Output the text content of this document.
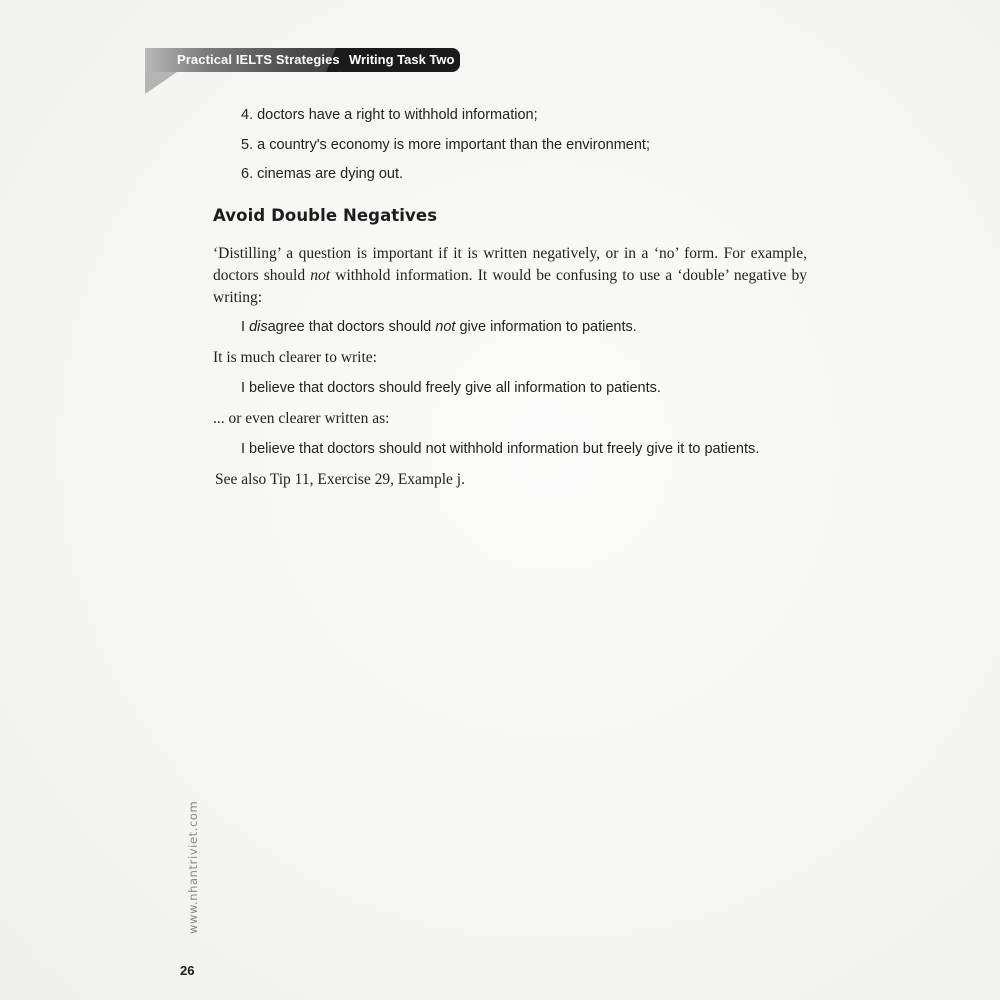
Practical IELTS Strategies Writing Task Two
4. doctors have a right to withhold information;
5. a country's economy is more important than the environment;
6. cinemas are dying out.
Avoid Double Negatives
‘Distilling’ a question is important if it is written negatively, or in a ‘no’ form. For example,
doctors should not withhold information. It would be confusing to use a ‘double’ negative by
writing:

I disagree that doctors should not give information to patients.

It is much clearer to write:

I believe that doctors should freely give all information to patients.

... or even clearer written as:

I believe that doctors should not withhold information but freely give it to patients.

See also Tip 11, Exercise 29, Example j.

www.nhantriviet.com
26
